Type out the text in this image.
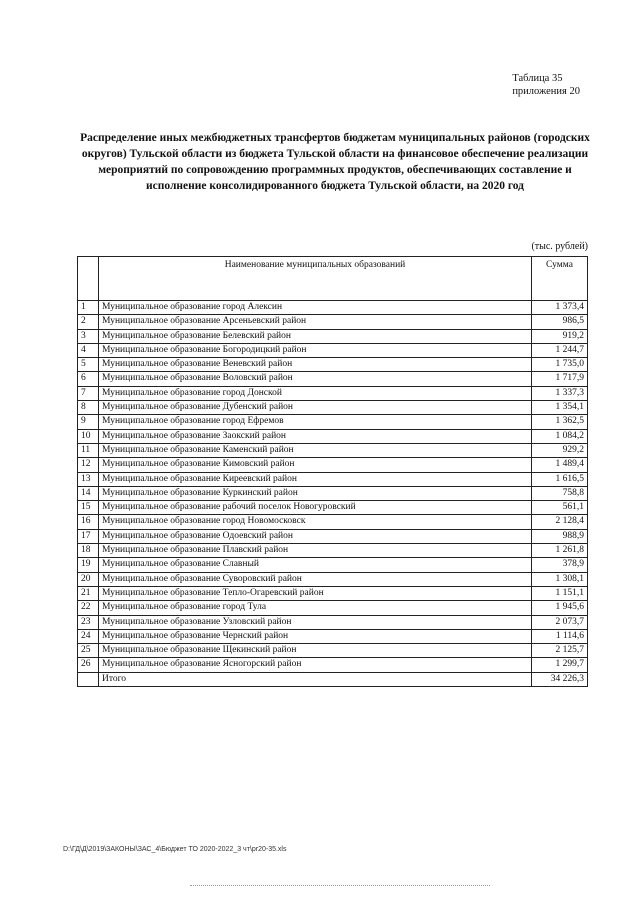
Таблица 35
приложения 20
Распределение иных межбюджетных трансфертов бюджетам муниципальных районов (городских округов) Тульской области из бюджета Тульской области на финансовое обеспечение реализации мероприятий по сопровождению программных продуктов, обеспечивающих составление и исполнение консолидированного бюджета Тульской области, на 2020 год
(тыс. рублей)
	Наименование муниципальных образований	Сумма
1	Муниципальное образование город Алексин	1 373,4
2	Муниципальное образование Арсеньевский район	986,5
3	Муниципальное образование Белевский район	919,2
4	Муниципальное образование Богородицкий район	1 244,7
5	Муниципальное образование Веневский район	1 735,0
6	Муниципальное образование Воловский район	1 717,9
7	Муниципальное образование город Донской	1 337,3
8	Муниципальное образование Дубенский район	1 354,1
9	Муниципальное образование город Ефремов	1 362,5
10	Муниципальное образование Заокский район	1 084,2
11	Муниципальное образование Каменский район	929,2
12	Муниципальное образование Кимовский район	1 489,4
13	Муниципальное образование Киреевский район	1 616,5
14	Муниципальное образование Куркинский район	758,8
15	Муниципальное образование рабочий поселок Новогуровский	561,1
16	Муниципальное образование город Новомосковск	2 128,4
17	Муниципальное образование Одоевский район	988,9
18	Муниципальное образование Плавский район	1 261,8
19	Муниципальное образование Славный	378,9
20	Муниципальное образование Суворовский район	1 308,1
21	Муниципальное образование Тепло-Огаревский район	1 151,1
22	Муниципальное образование город Тула	1 945,6
23	Муниципальное образование Узловский район	2 073,7
24	Муниципальное образование Чернский район	1 114,6
25	Муниципальное образование Щекинский район	2 125,7
26	Муниципальное образование Ясногорский район	1 299,7
	Итого	34 226,3
D:\ГД\Д\2019\ЗАКОНЫ\ЗАС_4\Бюджет ТО 2020-2022_3 чт\pr20-35.xls
